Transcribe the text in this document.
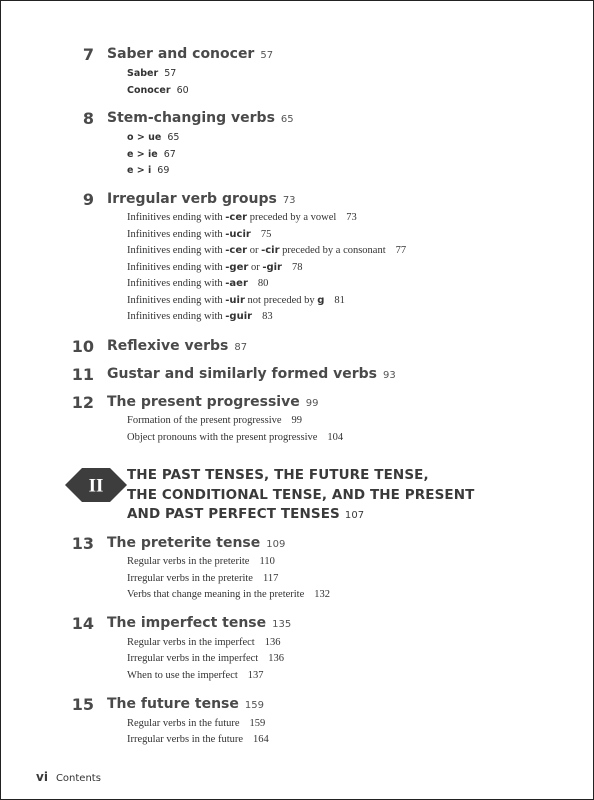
7 Saber and conocer 57
Saber 57
Conocer 60
8 Stem-changing verbs 65
o > ue 65
e > ie 67
e > i 69
9 Irregular verb groups 73
Infinitives ending with -cer preceded by a vowel 73
Infinitives ending with -ucir 75
Infinitives ending with -cer or -cir preceded by a consonant 77
Infinitives ending with -ger or -gir 78
Infinitives ending with -aer 80
Infinitives ending with -uir not preceded by g 81
Infinitives ending with -guir 83
10 Reflexive verbs 87
11 Gustar and similarly formed verbs 93
12 The present progressive 99
Formation of the present progressive 99
Object pronouns with the present progressive 104
II
THE PAST TENSES, THE FUTURE TENSE,
THE CONDITIONAL TENSE, AND THE PRESENT
AND PAST PERFECT TENSES 107
13 The preterite tense 109
Regular verbs in the preterite 110
Irregular verbs in the preterite 117
Verbs that change meaning in the preterite 132
14 The imperfect tense 135
Regular verbs in the imperfect 136
Irregular verbs in the imperfect 136
When to use the imperfect 137
15 The future tense 159
Regular verbs in the future 159
Irregular verbs in the future 164
vi Contents
